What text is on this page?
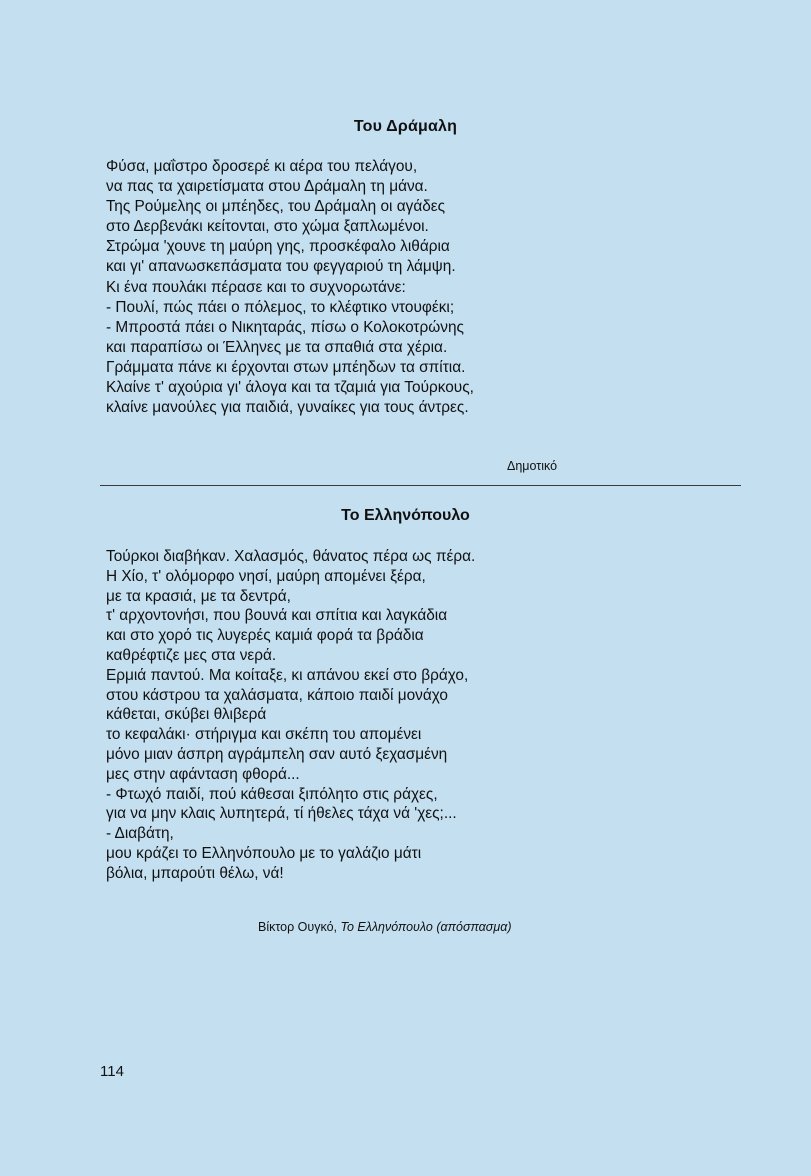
Του Δράμαλη
Φύσα, μαΐστρο δροσερέ κι αέρα του πελάγου,
να πας τα χαιρετίσματα στου Δράμαλη τη μάνα.
Της Ρούμελης οι μπέηδες, του Δράμαλη οι αγάδες
στο Δερβενάκι κείτονται, στο χώμα ξαπλωμένοι.
Στρώμα 'χουνε τη μαύρη γης, προσκέφαλο λιθάρια
και γι' απανωσκεπάσματα του φεγγαριού τη λάμψη.
Κι ένα πουλάκι πέρασε και το συχνορωτάνε:
- Πουλί, πώς πάει ο πόλεμος, το κλέφτικο ντουφέκι;
- Μπροστά πάει ο Νικηταράς, πίσω ο Κολοκοτρώνης
και παραπίσω οι Έλληνες με τα σπαθιά στα χέρια.
Γράμματα πάνε κι έρχονται στων μπέηδων τα σπίτια.
Κλαίνε τ' αχούρια γι' άλογα και τα τζαμιά για Τούρκους,
κλαίνε μανούλες για παιδιά, γυναίκες για τους άντρες.
Δημοτικό
Το Ελληνόπουλο
Τούρκοι διαβήκαν. Χαλασμός, θάνατος πέρα ως πέρα.
Η Χίο, τ' ολόμορφο νησί, μαύρη απομένει ξέρα,
με τα κρασιά, με τα δεντρά,
τ' αρχοντονήσι, που βουνά και σπίτια και λαγκάδια
και στο χορό τις λυγερές καμιά φορά τα βράδια
καθρέφτιζε μες στα νερά.
Ερμιά παντού. Μα κοίταξε, κι απάνου εκεί στο βράχο,
στου κάστρου τα χαλάσματα, κάποιο παιδί μονάχο
κάθεται, σκύβει θλιβερά
το κεφαλάκι· στήριγμα και σκέπη του απομένει
μόνο μιαν άσπρη αγράμπελη σαν αυτό ξεχασμένη
μες στην αφάνταση φθορά...
- Φτωχό παιδί, πού κάθεσαι ξιπόλητο στις ράχες,
για να μην κλαις λυπητερά, τί ήθελες τάχα νά 'χες;...
- Διαβάτη,
μου κράζει το Ελληνόπουλο με το γαλάζιο μάτι
βόλια, μπαρούτι θέλω, νά!
Βίκτορ Ουγκό, Το Ελληνόπουλο (απόσπασμα)
114
